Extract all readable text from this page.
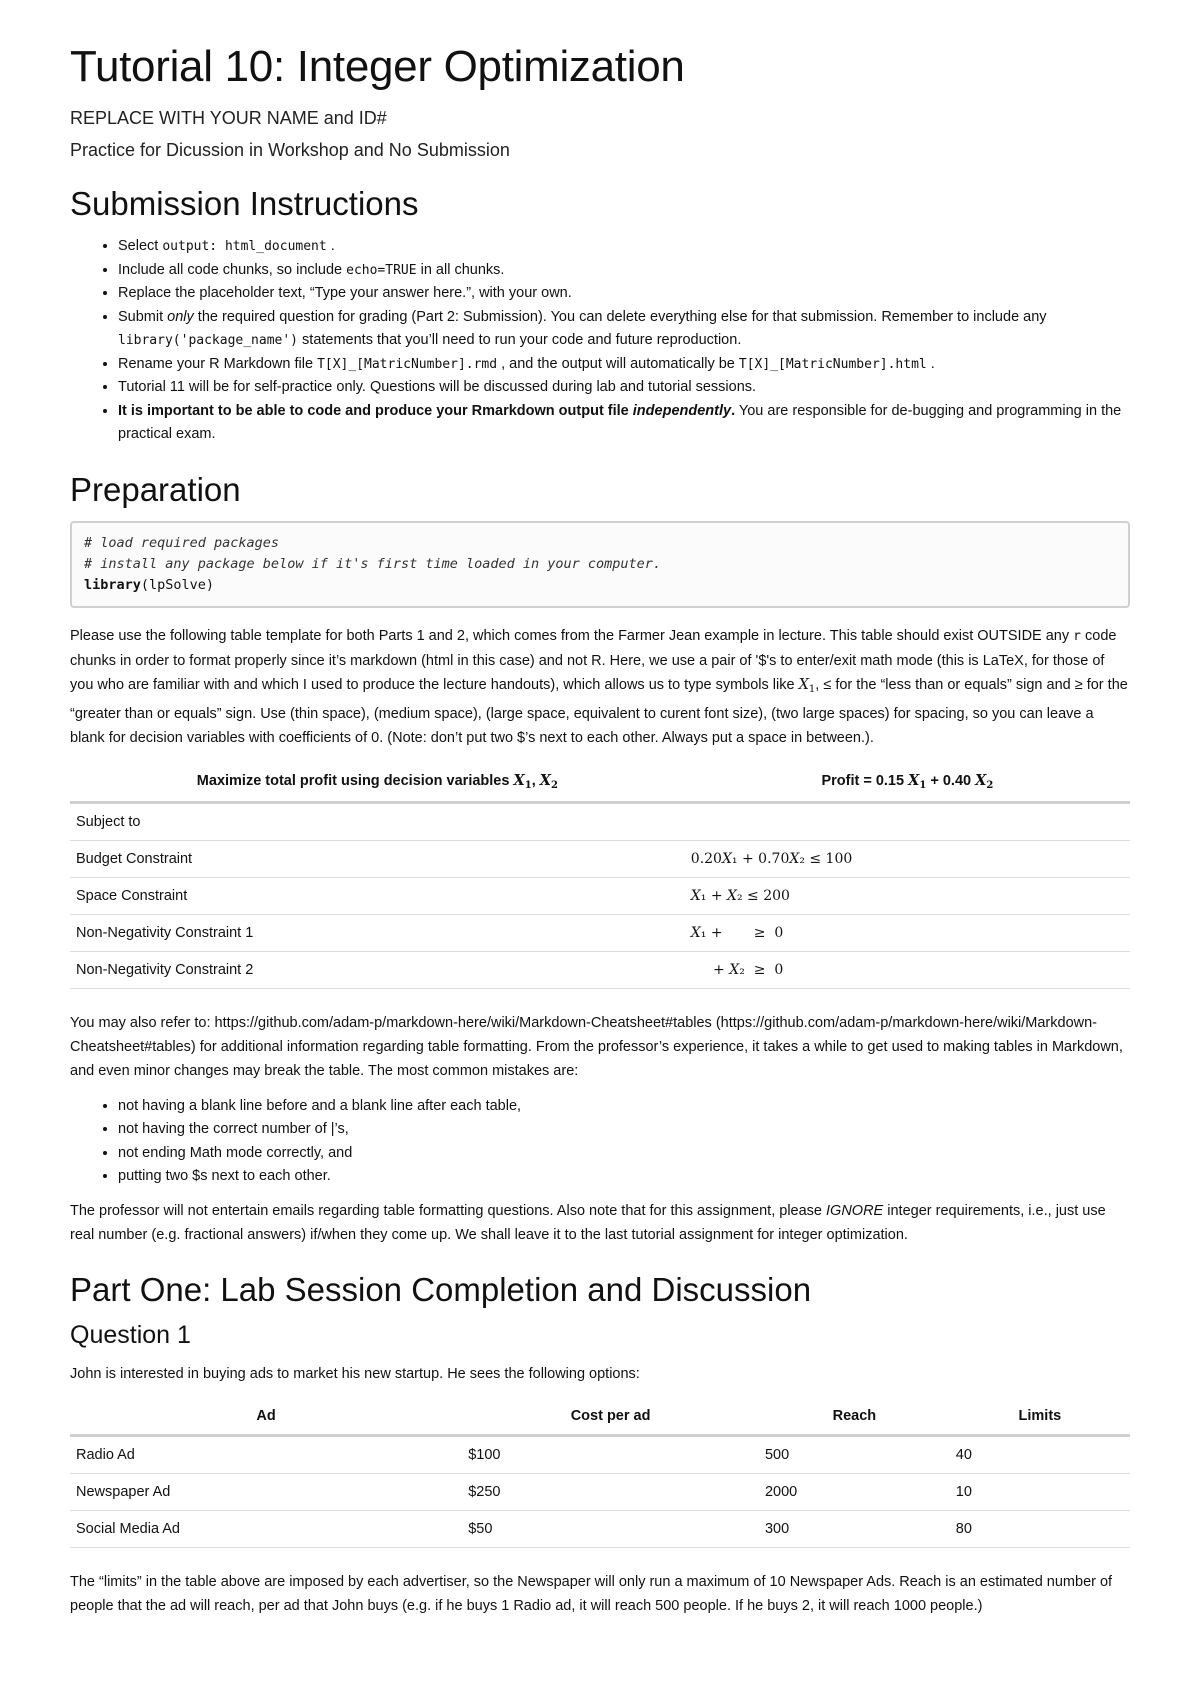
Tutorial 10: Integer Optimization

REPLACE WITH YOUR NAME and ID#

Practice for Dicussion in Workshop and No Submission

Submission Instructions
• Select output: html_document .
• Include all code chunks, so include echo=TRUE in all chunks.
• Replace the placeholder text, “Type your answer here.”, with your own.
• Submit only the required question for grading (Part 2: Submission). You can delete everything else for that submission. Remember to include any library('package_name') statements that you’ll need to run your code and future reproduction.
• Rename your R Markdown file T[X]_[MatricNumber].rmd , and the output will automatically be T[X]_[MatricNumber].html .
• Tutorial 11 will be for self-practice only. Questions will be discussed during lab and tutorial sessions.
• It is important to be able to code and produce your Rmarkdown output file independently. You are responsible for de-bugging and programming in the practical exam.
Preparation
# load required packages
# install any package below if it's first time loaded in your computer.
library(lpSolve)

Please use the following table template for both Parts 1 and 2, which comes from the Farmer Jean example in lecture. This table should exist OUTSIDE any r code chunks in order to format properly since it’s markdown (html in this case) and not R. Here, we use a pair of '$'s to enter/exit math mode (this is LaTeX, for those of you who are familiar with and which I used to produce the lecture handouts), which allows us to type symbols like $X_1$, ≤ for the “less than or equals” sign and ≥ for the “greater than or equals” sign. Use (thin space), (medium space), (large space, equivalent to curent font size), (two large spaces) for spacing, so you can leave a blank for decision variables with coefficients of 0. (Note: don’t put two $’s next to each other. Always put a space in between.).

Maximize total profit using decision variables $X_1$, $X_2$	Profit = 0.15 $X_1 + 0.40$ $X_2$
Subject to	
Budget Constraint	0.20𝑋₁ + 0.70𝑋₂ ≤ 100
Space Constraint	𝑋₁ + 𝑋₂ ≤ 200
Non-Negativity Constraint 1	𝑋₁ +       ≥  0
Non-Negativity Constraint 2	+ 𝑋₂  ≥  0

You may also refer to: https://github.com/adam-p/markdown-here/wiki/Markdown-Cheatsheet#tables (https://github.com/adam-p/markdown-here/wiki/Markdown-Cheatsheet#tables) for additional information regarding table formatting. From the professor’s experience, it takes a while to get used to making tables in Markdown, and even minor changes may break the table. The most common mistakes are:

• not having a blank line before and a blank line after each table,
• not having the correct number of |’s,
• not ending Math mode correctly, and
• putting two $s next to each other.

The professor will not entertain emails regarding table formatting questions. Also note that for this assignment, please IGNORE integer requirements, i.e., just use real number (e.g. fractional answers) if/when they come up. We shall leave it to the last tutorial assignment for integer optimization.

Part One: Lab Session Completion and Discussion
Question 1

John is interested in buying ads to market his new startup. He sees the following options:

Ad	Cost per ad	Reach	Limits
Radio Ad	$100	500	40
Newspaper Ad	$250	2000	10
Social Media Ad	$50	300	80

The “limits” in the table above are imposed by each advertiser, so the Newspaper will only run a maximum of 10 Newspaper Ads. Reach is an estimated number of people that the ad will reach, per ad that John buys (e.g. if he buys 1 Radio ad, it will reach 500 people. If he buys 2, it will reach 1000 people.)
